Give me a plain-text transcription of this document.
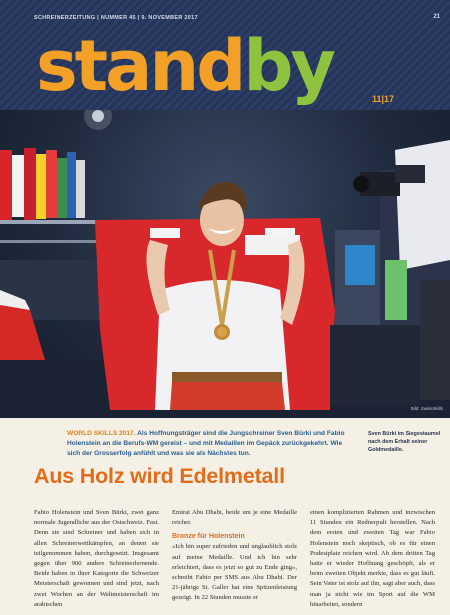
SCHREINERZEITUNG | NUMMER 45 | 9. NOVEMBER 2017	21
standby	11|17
Bild: SwissSkills
WORLD SKILLS 2017. Als Hoffnungsträger sind die Jungschreiner Sven Bürki und Fabio Holenstein an die Berufs-WM gereist – und mit Medaillen im Gepäck zurückgekehrt. Wie sich der Grosserfolg anfühlt und was sie als Nächstes tun.
Sven Bürki im Siegestaumel nach dem Erhalt seiner Goldmedaille.
Aus Holz wird Edelmetall
Fabio Holenstein und Sven Bürki, zwei ganz normale Jugendliche aus der Ostschweiz. Fast. Denn sie sind Schreiner und haben sich in allen Schreinerwettkämpfen, an denen sie teilgenommen haben, durchgesetzt. Insgesamt gegen über 900 andere Schreinerlernende. Beide haben in ihrer Kategorie die Schweizer Meisterschaft gewonnen und sind jetzt, nach zwei Wochen an der Weltmeisterschaft im arabischen
Emirat Abu Dhabi, beide um je eine Medaille reicher.
Bronze für Holenstein
«Ich bin super zufrieden und unglaublich stolz auf meine Medaille. Und ich bin sehr erleichtert, dass es jetzt so gut zu Ende ging», schreibt Fabio per SMS aus Abu Dhabi. Der 21-jährige St. Galler hat eine Spitzenleistung gezeigt. In 22 Stunden musste er
einen komplizierten Rahmen und inzwischen 11 Stunden ein Rednerpult herstellen. Nach dem ersten und zweiten Tag war Fabio Holenstein noch skeptisch, ob es für einen Podestplatz reichen wird. Ab dem dritten Tag hatte er wieder Hoffnung geschöpft, als er beim zweiten Objekt merkte, dass es gut läuft. Sein Vater ist stolz auf ihn, sagt aber auch, dass man ja nicht wie im Sport auf die WM hinarbeitet, sondern
